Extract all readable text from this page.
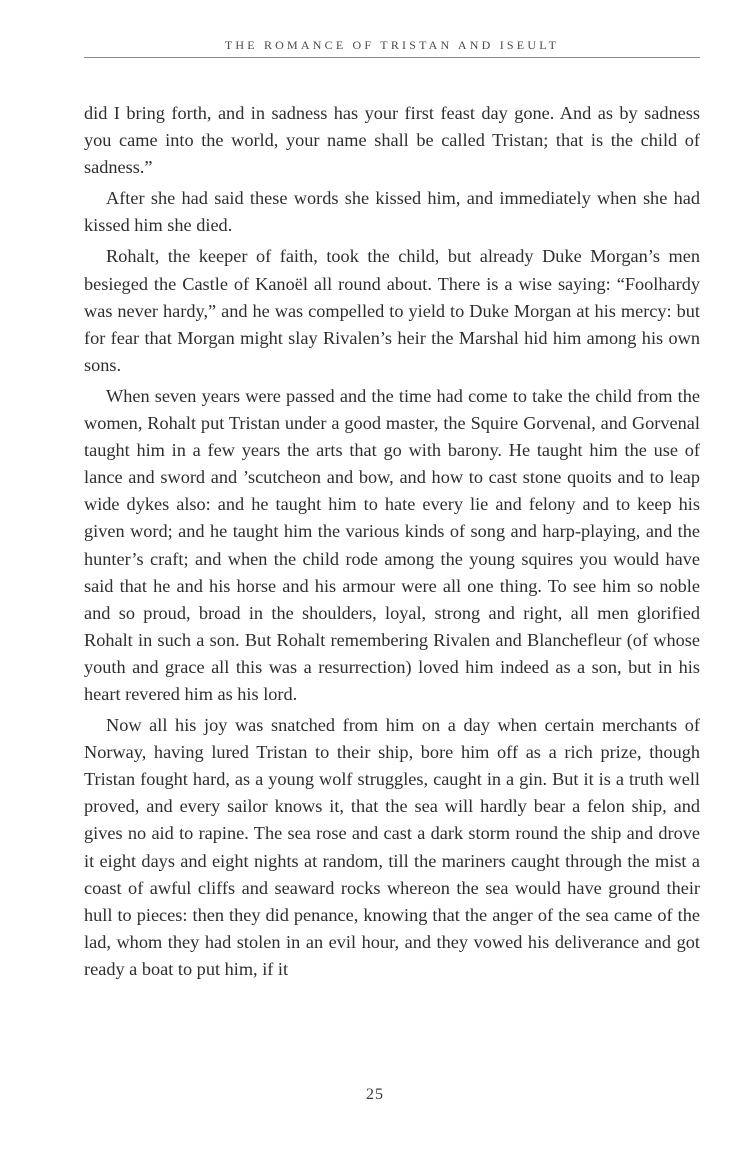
THE ROMANCE OF TRISTAN AND ISEULT

did I bring forth, and in sadness has your first feast day gone. And as by sadness you came into the world, your name shall be called Tristan; that is the child of sadness.”

After she had said these words she kissed him, and immediately when she had kissed him she died.

Rohalt, the keeper of faith, took the child, but already Duke Morgan’s men besieged the Castle of Kanoël all round about. There is a wise saying: “Foolhardy was never hardy,” and he was compelled to yield to Duke Morgan at his mercy: but for fear that Morgan might slay Rivalen’s heir the Marshal hid him among his own sons.

When seven years were passed and the time had come to take the child from the women, Rohalt put Tristan under a good master, the Squire Gorvenal, and Gorvenal taught him in a few years the arts that go with barony. He taught him the use of lance and sword and ’scutcheon and bow, and how to cast stone quoits and to leap wide dykes also: and he taught him to hate every lie and felony and to keep his given word; and he taught him the various kinds of song and harp-playing, and the hunter’s craft; and when the child rode among the young squires you would have said that he and his horse and his armour were all one thing. To see him so noble and so proud, broad in the shoulders, loyal, strong and right, all men glorified Rohalt in such a son. But Rohalt remembering Rivalen and Blanchefleur (of whose youth and grace all this was a resurrection) loved him indeed as a son, but in his heart revered him as his lord.

Now all his joy was snatched from him on a day when certain merchants of Norway, having lured Tristan to their ship, bore him off as a rich prize, though Tristan fought hard, as a young wolf struggles, caught in a gin. But it is a truth well proved, and every sailor knows it, that the sea will hardly bear a felon ship, and gives no aid to rapine. The sea rose and cast a dark storm round the ship and drove it eight days and eight nights at random, till the mariners caught through the mist a coast of awful cliffs and seaward rocks whereon the sea would have ground their hull to pieces: then they did penance, knowing that the anger of the sea came of the lad, whom they had stolen in an evil hour, and they vowed his deliverance and got ready a boat to put him, if it

25
